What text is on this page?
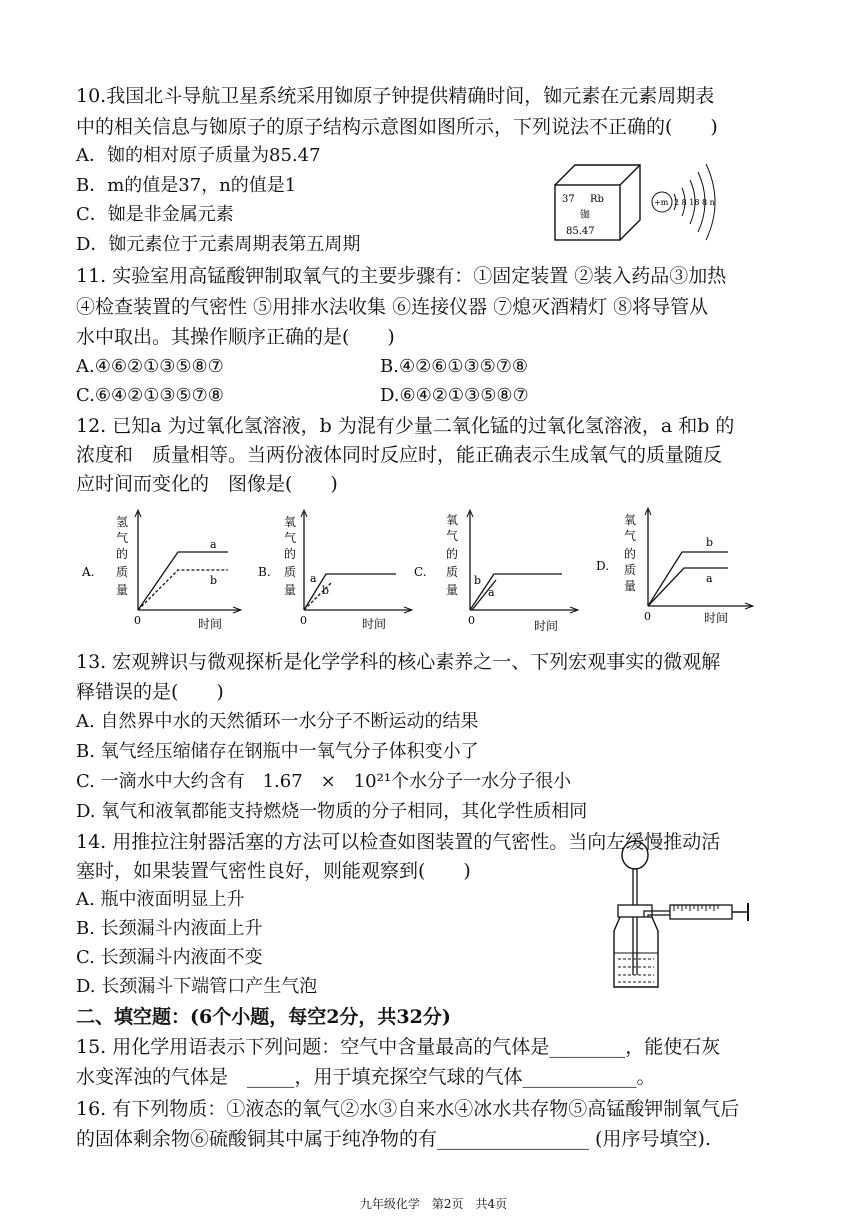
10.我国北斗导航卫星系统采用铷原子钟提供精确时间，铷元素在元素周期表
中的相关信息与铷原子的原子结构示意图如图所示，下列说法不正确的(　　)
A．铷的相对原子质量为85.47
B．m的值是37，n的值是1
C．铷是非金属元素
D．铷元素位于元素周期表第五周期
37 Rb
铷
85.47
+m 2 8 18 8 n
11. 实验室用高锰酸钾制取氧气的主要步骤有：①固定装置 ②装入药品③加热
④检查装置的气密性 ⑤用排水法收集 ⑥连接仪器 ⑦熄灭酒精灯 ⑧将导管从
水中取出。其操作顺序正确的是(　　)
A.④⑥②①③⑤⑧⑦	B.④②⑥①③⑤⑦⑧
C.⑥④②①③⑤⑦⑧	D.⑥④②①③⑤⑧⑦
12. 已知a 为过氧化氢溶液，b 为混有少量二氧化锰的过氧化氢溶液，a 和b 的
浓度和　质量相等。当两份液体同时反应时，能正确表示生成氧气的质量随反
应时间而变化的　图像是(　　)
A.
氢
气
的
质
量
a
b
0	时间
B.
氧
气
的
质
量
a
b
0	时间
C.
氧
气
的
质
量
b
a
0	时间
D.
氧
气
的
质
量
b
a
0	时间
13. 宏观辨识与微观探析是化学学科的核心素养之一、下列宏观事实的微观解
释错误的是(　　)
A. 自然界中水的天然循环一水分子不断运动的结果
B. 氧气经压缩储存在钢瓶中一氧气分子体积变小了
C. 一滴水中大约含有　1.67　×　10²¹个水分子一水分子很小
D. 氧气和液氧都能支持燃烧一物质的分子相同，其化学性质相同
14. 用推拉注射器活塞的方法可以检查如图装置的气密性。当向左缓慢推动活
塞时，如果装置气密性良好，则能观察到(　　)
A. 瓶中液面明显上升
B. 长颈漏斗内液面上升
C. 长颈漏斗内液面不变
D. 长颈漏斗下端管口产生气泡
二、填空题：(6个小题，每空2分，共32分)
15. 用化学用语表示下列问题：空气中含量最高的气体是________，能使石灰
水变浑浊的气体是　_____，用于填充探空气球的气体____________。
16. 有下列物质：①液态的氧气②水③自来水④冰水共存物⑤高锰酸钾制氧气后
的固体剩余物⑥硫酸铜其中属于纯净物的有________________ (用序号填空).
九年级化学　第2页　共4页
